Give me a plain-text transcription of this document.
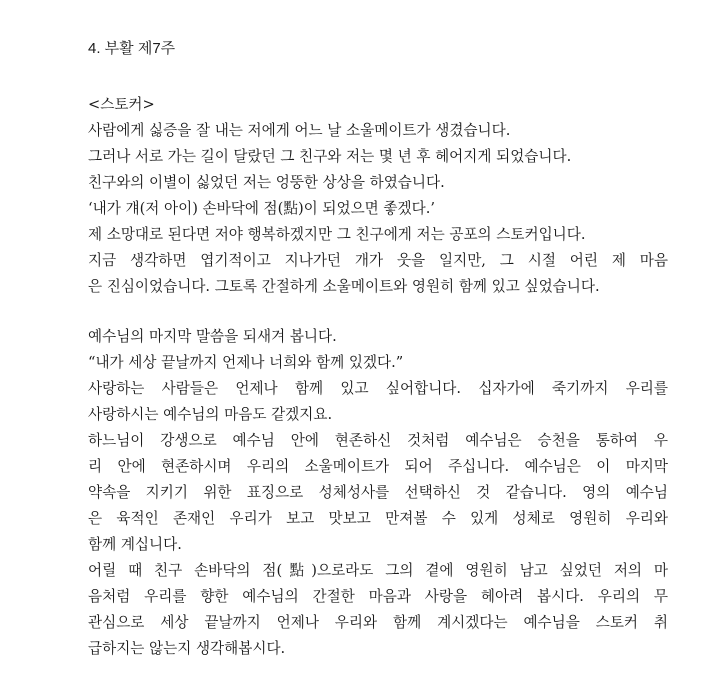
4. 부활 제7주
<스토커>
사람에게 싫증을 잘 내는 저에게 어느 날 소울메이트가 생겼습니다.
그러나 서로 가는 길이 달랐던 그 친구와 저는 몇 년 후 헤어지게 되었습니다.
친구와의 이별이 싫었던 저는 엉뚱한 상상을 하였습니다.
‘내가 걔(저 아이) 손바닥에 점(點)이 되었으면 좋겠다.’
제 소망대로 된다면 저야 행복하겠지만 그 친구에게 저는 공포의 스토커입니다.
지금 생각하면 엽기적이고 지나가던 개가 웃을 일지만, 그 시절 어린 제 마음
은 진심이었습니다. 그토록 간절하게 소울메이트와 영원히 함께 있고 싶었습니다.
예수님의 마지막 말씀을 되새겨 봅니다.
“내가 세상 끝날까지 언제나 너희와 함께 있겠다.”
사랑하는 사람들은 언제나 함께 있고 싶어합니다. 십자가에 죽기까지 우리를
사랑하시는 예수님의 마음도 같겠지요.
하느님이 강생으로 예수님 안에 현존하신 것처럼 예수님은 승천을 통하여 우
리 안에 현존하시며 우리의 소울메이트가 되어 주십니다. 예수님은 이 마지막
약속을 지키기 위한 표징으로 성체성사를 선택하신 것 같습니다. 영의 예수님
은 육적인 존재인 우리가 보고 맛보고 만져볼 수 있게 성체로 영원히 우리와
함께 계십니다.
어릴 때 친구 손바닥의 점(點)으로라도 그의 곁에 영원히 남고 싶었던 저의 마
음처럼 우리를 향한 예수님의 간절한 마음과 사랑을 헤아려 봅시다. 우리의 무
관심으로 세상 끝날까지 언제나 우리와 함께 계시겠다는 예수님을 스토커 취
급하지는 않는지 생각해봅시다.
